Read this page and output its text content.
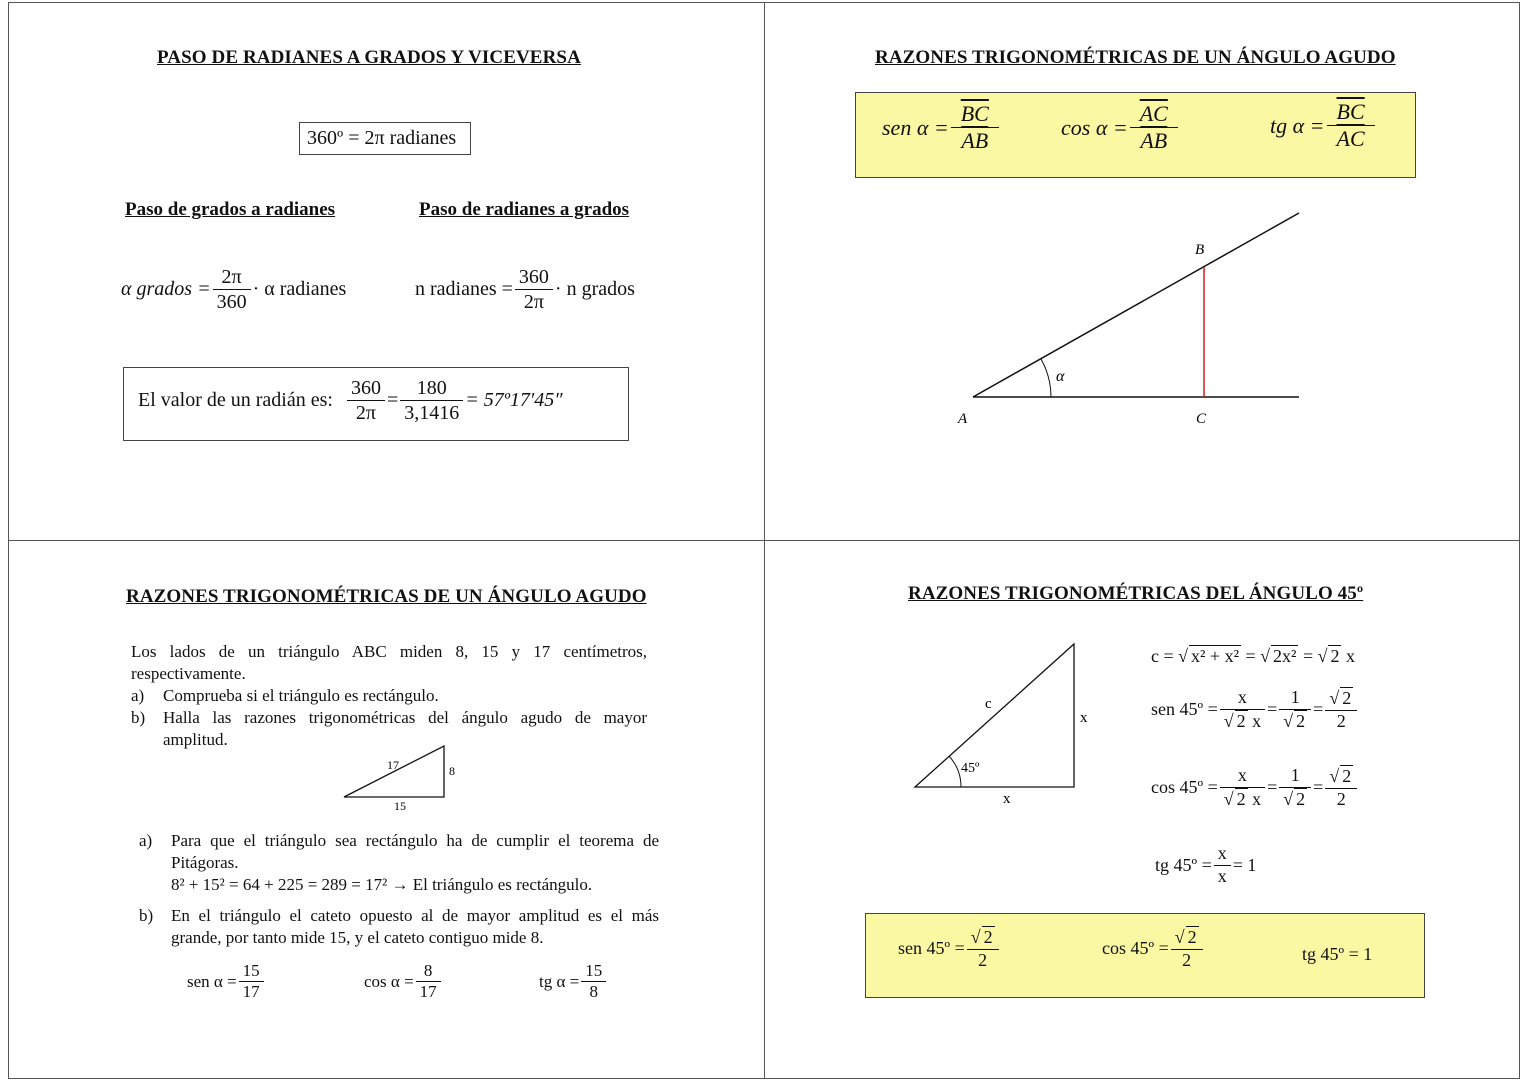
PASO DE RADIANES A GRADOS Y VICEVERSA
360º = 2π radianes
Paso de grados a radianes	Paso de radianes a grados
α grados = $\frac{2\pi}{360} \cdot \alpha$ radianes	n radianes = $\frac{360}{2\pi} \cdot n$ grados
El valor de un radián es: $\frac{360}{2\pi} = \frac{180}{3,1416}$ = 57º17′45″
RAZONES TRIGONOMÉTRICAS DE UN ÁNGULO AGUDO
sen $\alpha = \frac{\overline{BC}}{AB}$	$\cos \alpha = \frac{\overline{AC}}{AB}$	tg $\alpha = \frac{\overline{BC}}{AC}$
A
B
C
α
RAZONES TRIGONOMÉTRICAS DE UN ÁNGULO AGUDO
Los lados de un triángulo ABC miden 8, 15 y 17 centímetros,
respectivamente.
a)	Comprueba si el triángulo es rectángulo.
b)	Halla las razones trigonométricas del ángulo agudo de mayor
amplitud.
17	8
15
a)	Para que el triángulo sea rectángulo ha de cumplir el teorema de
Pitágoras.
8² + 15² = 64 + 225 = 289 = 17² → El triángulo es rectángulo.
b)	En el triángulo el cateto opuesto al de mayor amplitud es el más
grande, por tanto mide 15, y el cateto contiguo mide 8.
sen $\alpha = \frac{15}{17}$	$\cos \alpha = \frac{8}{17}$	tg $\alpha = \frac{15}{8}$
RAZONES TRIGONOMÉTRICAS DEL ÁNGULO 45º
c
x
x
45º
c =
√ x² + x²
=
√ 2x²
=
√ 2
x
sen 45º = $\frac{x}{√ 2 x} = \frac{1}{√ 2} = \frac{√ 2}{2}$
cos 45º = $\frac{x}{√ 2 x} = \frac{1}{√ 2} = \frac{√ 2}{2}$
tg 45º = $\frac{x}{x} = 1$
sen 45º = $\frac{√ 2}{2}$	cos 45º = $\frac{√ 2}{2}$	tg 45º = 1
